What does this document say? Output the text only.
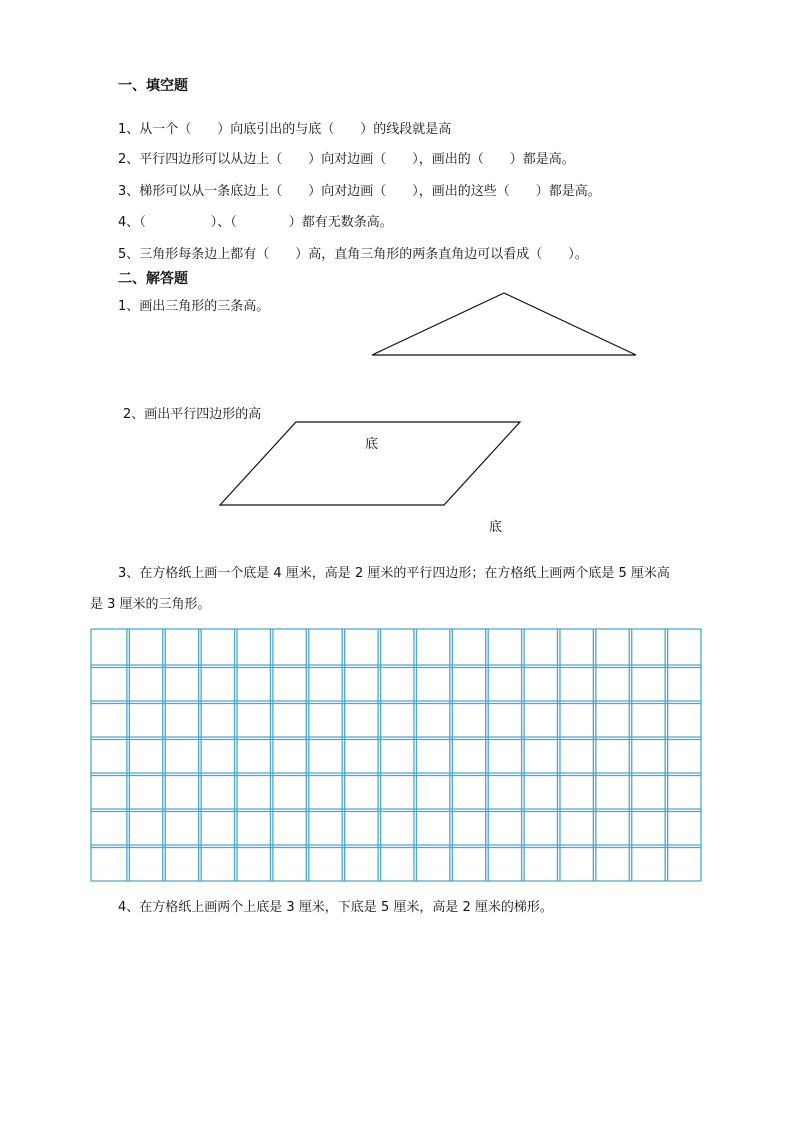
一、填空题
1、从一个（　　）向底引出的与底（　　）的线段就是高
2、平行四边形可以从边上（　　）向对边画（　　），画出的（　　）都是高。
3、梯形可以从一条底边上（　　）向对边画（　　），画出的这些（　　）都是高。
4、（　　　　　）、（　　　　）都有无数条高。
5、三角形每条边上都有（　　）高，直角三角形的两条直角边可以看成（　　）。
二、解答题
1、画出三角形的三条高。
2、画出平行四边形的高
底
底
3、在方格纸上画一个底是 4 厘米，高是 2 厘米的平行四边形；在方格纸上画两个底是 5 厘米高
是 3 厘米的三角形。
4、在方格纸上画两个上底是 3 厘米，下底是 5 厘米，高是 2 厘米的梯形。
